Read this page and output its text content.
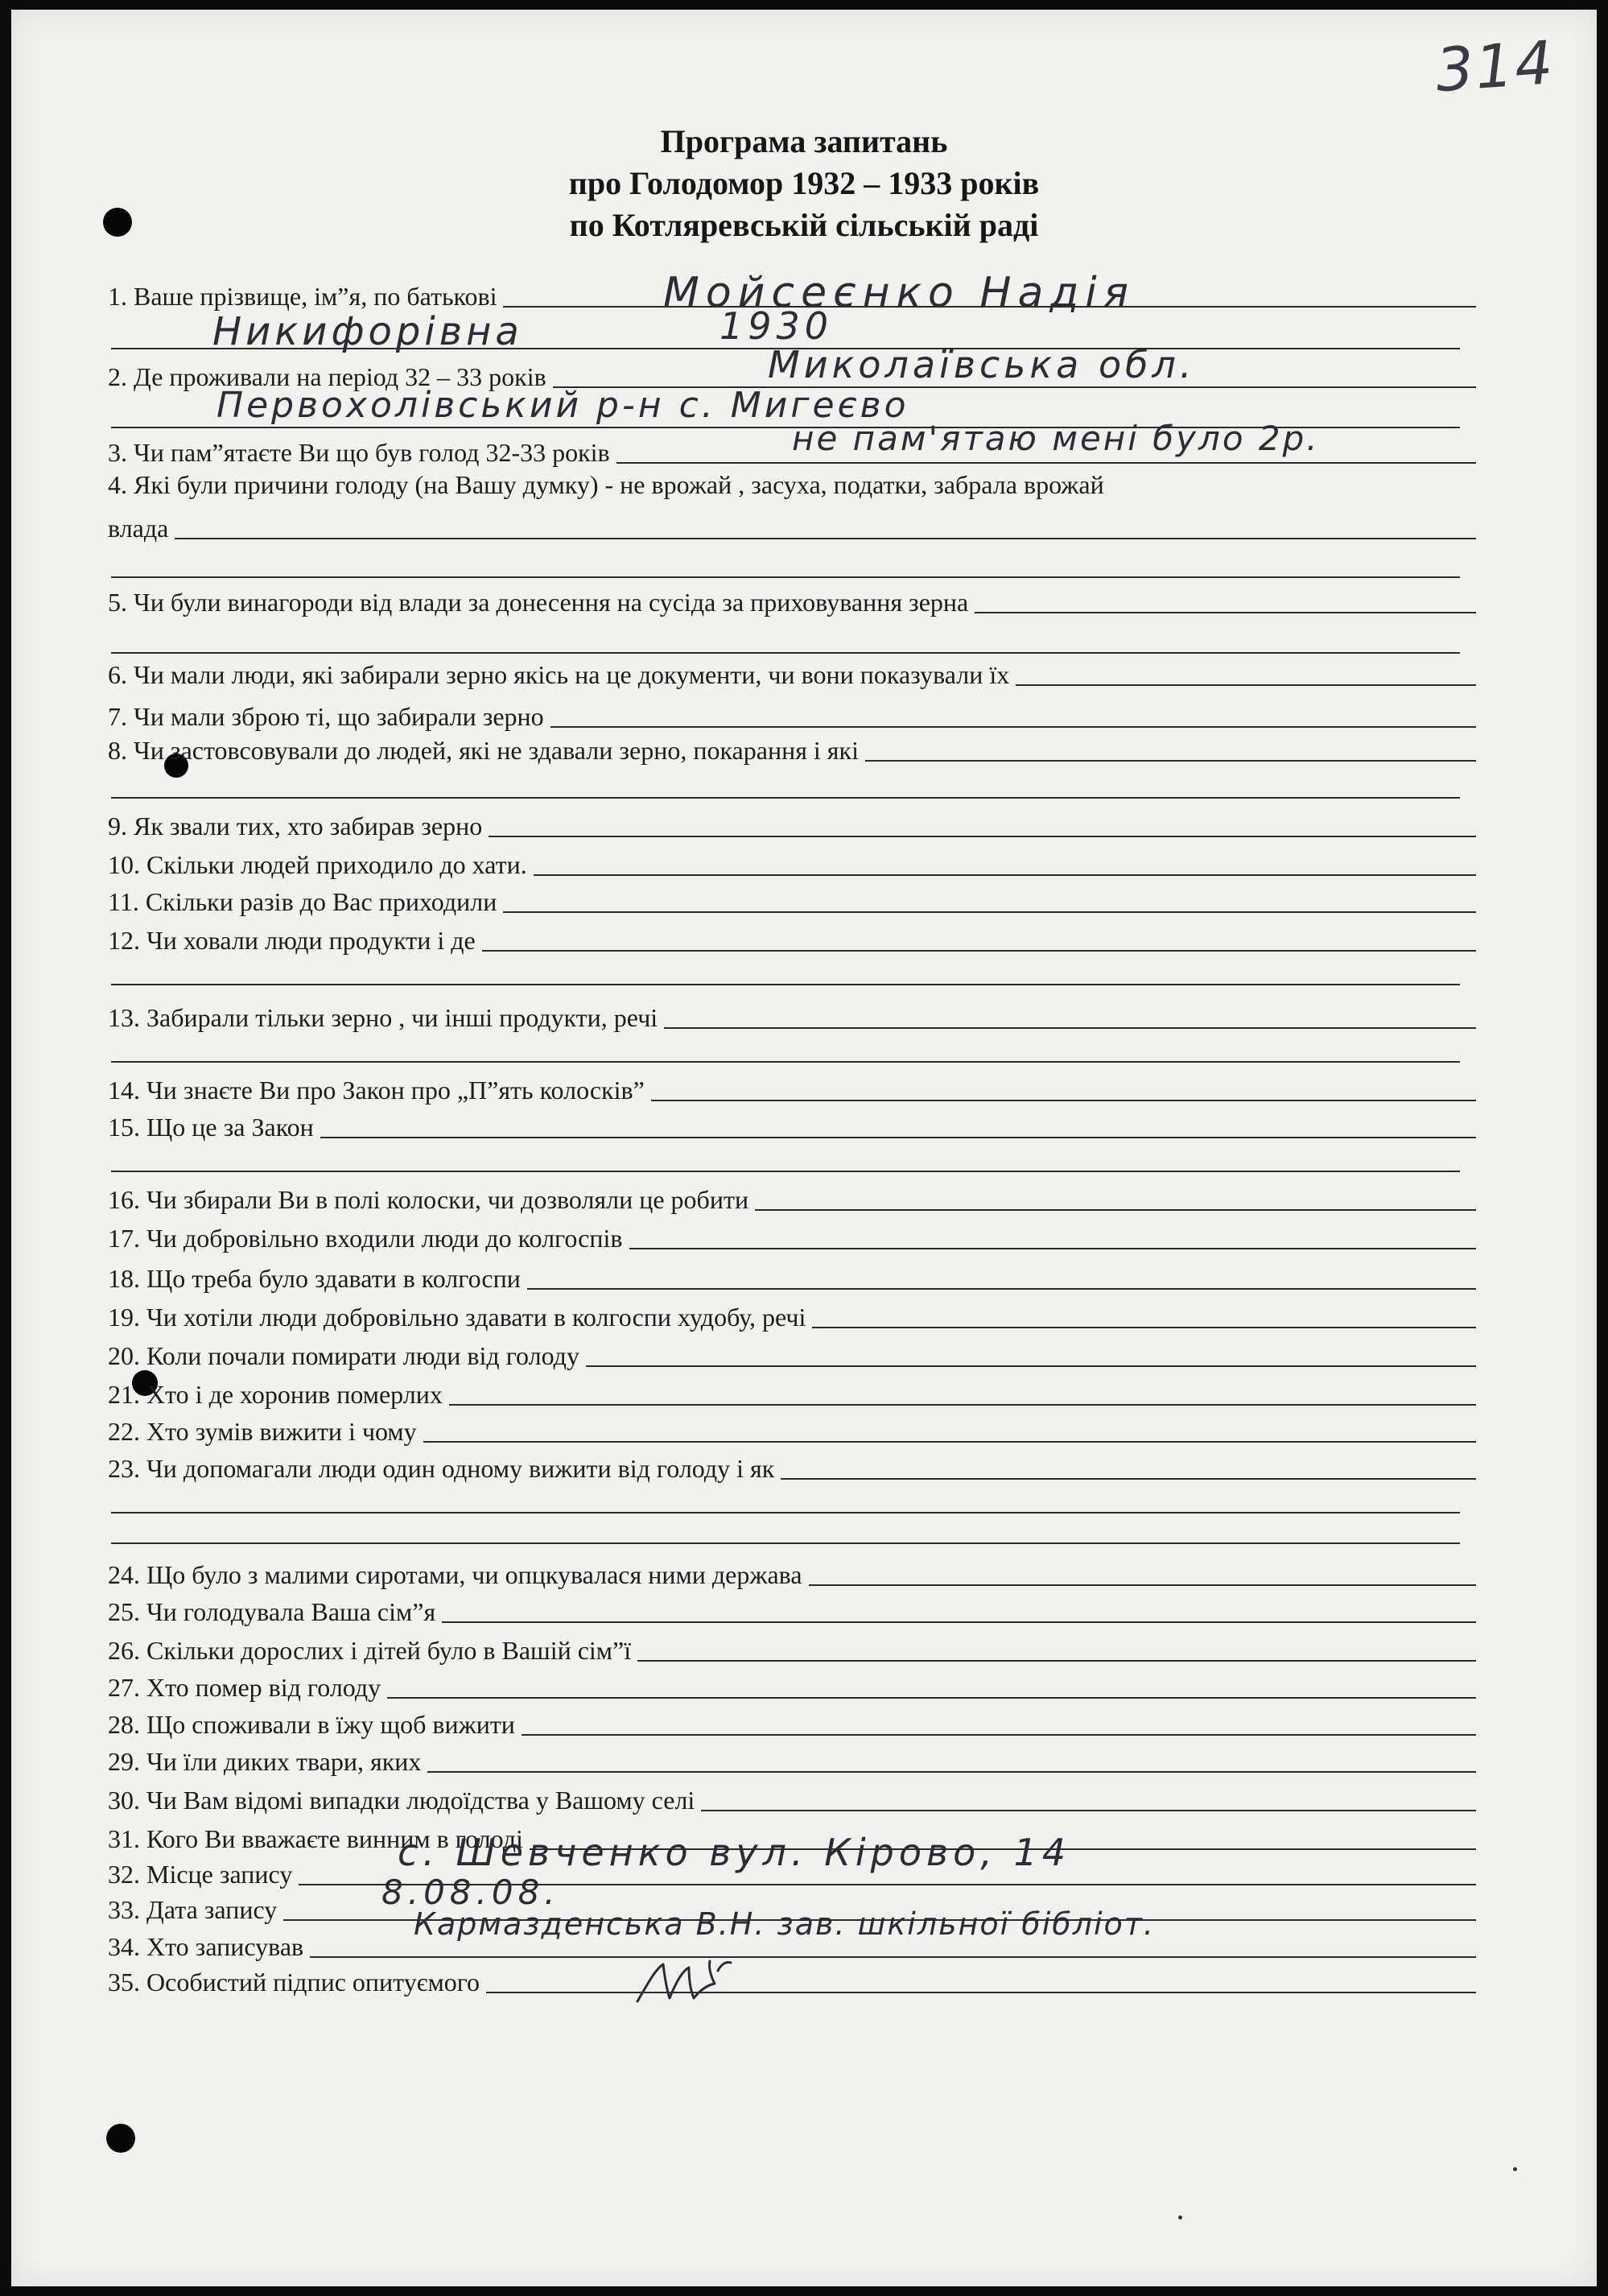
314
Програма запитань
про Голодомор 1932 – 1933 років
по Котляревській сільській раді
1. Ваше прізвище, ім”я, по батькові
2. Де проживали на період 32 – 33 років
3. Чи пам”ятаєте Ви що був голод 32-33 років
4. Які були причини голоду (на Вашу думку) - не врожай , засуха, податки, забрала врожай
влада
5. Чи були винагороди від влади за донесення на сусіда за приховування зерна
6. Чи мали люди, які забирали зерно якісь на це документи, чи вони показували їх
7. Чи мали зброю ті, що забирали зерно
8. Чи застовсовували до людей, які не здавали зерно, покарання і які
9. Як звали тих, хто забирав зерно
10. Скільки людей приходило до хати.
11. Скільки разів до Вас приходили
12. Чи ховали люди продукти і де
13. Забирали тільки зерно , чи інші продукти, речі
14. Чи знаєте Ви про Закон про „П”ять колосків”
15. Що це за Закон
16. Чи збирали Ви в полі колоски, чи дозволяли це робити
17. Чи добровільно входили люди до колгоспів
18. Що треба було здавати в колгоспи
19. Чи хотіли люди добровільно здавати в колгоспи худобу, речі
20. Коли почали помирати люди від голоду
21. Хто і де хоронив померлих
22. Хто зумів вижити і чому
23. Чи допомагали люди один одному вижити від голоду і як
24. Що було з малими сиротами, чи опцкувалася ними держава
25. Чи голодувала Ваша сім”я
26. Скільки дорослих і дітей було в Вашій сім”ї
27. Хто помер від голоду
28. Що споживали в їжу щоб вижити
29. Чи їли диких твари, яких
30. Чи Вам відомі випадки людоїдства у Вашому селі
31. Кого Ви вважаєте винним в голоді
32. Місце запису
33. Дата запису
34. Хто записував
35. Особистий підпис опитуємого
Мойсеєнко Надія
Никифорівна	1930
Миколаївська обл.
Первохолівський р-н с. Мигеєво
не пам'ятаю мені було 2р.
с. Шевченко вул. Кірово, 14
8.08.08.
Кармазденська В.Н. зав. шкільної бібліот.
